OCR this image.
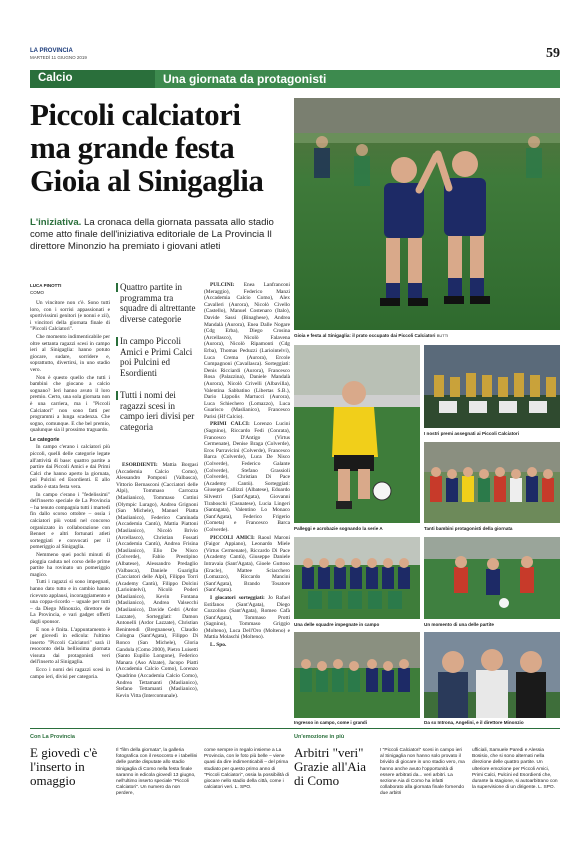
LA PROVINCIA
MARTEDÌ 11 GIUGNO 2019	59
Calcio	Una giornata da protagonisti
Piccoli calciatori
ma grande festa
Gioia al Sinigaglia
L'iniziativa. La cronaca della giornata passata allo stadio come atto finale dell'iniziativa editoriale de La Provincia Il direttore Minonzio ha premiato i giovani atleti
LUCA PINOTTI
COMO

Un vincitore non c'è. Sono tutti loro, con i sorrisi appassionati e sportivissimi genitori (e nonni e zii), i vincitori della giornata finale di "Piccoli Calciatori".

Che momento indimenticabile per oltre settanta ragazzi scesi in campo ieri al Sinigaglia: hanno potuto giocare, sudare, sorridere e, soprattutto, divertirsi, in uno stadio vero.

Non è questo quello che tutti i bambini che giocano a calcio sognano? Ieri hanno avuto il loro premio. Certo, una sola giornata non è una carriera, ma i "Piccoli Calciatori" non sono fatti per programmi a lunga scadenza. Che sogno, comunque. E che bel premio, qualunque sia il prossimo traguardo.

Le categorie

In campo c'erano i calciatori più piccoli, quelli delle categorie legate all'attività di base: quattro partite a partire dai Piccoli Amici e dai Primi Calci che hanno aperto la giornata, poi Pulcini ed Esordienti. E allo stadio è stata festa vera.

In campo c'erano i "fedelissimi" dell'inserto speciale de La Provincia – ha tenuto compagnia tutti i martedì fin dallo scorso ottobre – ossia i calciatori più votati nel concorso organizzato in collaborazione con Bennet e altri fortunati atleti sorteggiati e convocati per il pomeriggio al Sinigaglia.

Nemmeno quei pochi minuti di pioggia caduta nel corso delle prime partite ha rovinato un pomeriggio magico.

Tutti i ragazzi si sono impegnati, hanno dato tutto e in cambio hanno ricevuto applausi, incoraggiamento e una coppa-ricordo – uguale per tutti – da Diego Minonzio, direttore de La Provincia, e vari gadget offerti dagli sponsor.

E non è finita. L'appuntamento è per giovedì in edicola: l'ultimo inserto "Piccoli Calciatori" sarà il resoconto della bellissima giornata vissuta dai protagonisti veri dell'inserto al Sinigaglia.

Ecco i nomi dei ragazzi scesi in campo ieri, divisi per categoria.

Quattro partite in programma tra squadre di altrettante diverse categorie
In campo Piccoli Amici e Primi Calci poi Pulcini ed Esordienti
Tutti i nomi dei ragazzi scesi in campo ieri divisi per categoria

ESORDIENTI: Mattia Borgasi (Accademia Calcio Como), Alessandro Pomponi (Valbasca), Vittorio Bernasconi (Cacciatori delle Alpi), Tommaso Carrozza (Maslianico), Tommaso Cottini (Olympic Lurago), Andrea Grignoni (San Michele), Manuel Piatta (Maslianico), Federico Caminada (Accademia Cantù), Mattia Piattoni (Maslianico), Nicolò Brivio (Arcellasco), Christian Fossati (Accademia Cantù), Andrea Frisina (Maslianico), Elio De Nisco (Colverde), Fabio Prestipino (Albatese), Alessandro Predaglio (Valbasca), Daniele Guariglia (Cacciatori delle Alpi), Filippo Torri (Academy Cantù), Filippo Dolcini (Lariointelvi), Nicolò Poderi (Maslianico), Kevin Fontana (Maslianico), Andrea Valsecchi (Maslianico), Davide Cedri (Ardor Lazzate), Sortegglati: Damon Antonelli (Ardor Lazzate), Christian Benintendi (Bregnanese), Claudio Cologna (Sant'Agata), Filippo Di Ronco (San Michele), Gloria Gandola (Como 2000), Pietro Luisetti (Santo Eupilio Longone), Federico Manara (Aso Alzate), Jacopo Piatti (Accademia Calcio Como), Lorenzo Quadrino (Accademia Calcio Como), Andrea Tettamanti (Maslianico), Stefano Tettamanti (Maslianico), Kevin Vitta (Intercomunale).

PULCINI: Enea Lanfranconi (Meraggio), Federico Manzi (Accademia Calcio Como), Alex Cavalleri (Aurora), Nicolò Civello (Castello), Manuel Costenaro (Italo), Davide Sassi (Binaghese), Andrea Mandalà (Aurora), Enea Dalle Nogare (Cdg Erba), Diego Crosina (Arcellasco), Nicolò Falavena (Aurora), Nicolò Ripamonti (Cdg Erba), Thomas Peduzzi (Lariointelvi), Luca Crema (Aurora), Ercole Compagnoni (Cavallasca). Sorteggiati: Denis Ricciardi (Aurora), Francesco Rosa (Palazzina), Daniele Mandalà (Aurora), Nicolò Crivelli (Albavilla), Valentina Sabbatino (Libertas S.B.), Dario Lippolis Martucci (Aurora), Luca Schiechero (Lomazzo), Luca Guarisco (Maslianico), Francesco Parisi (Hf Calcio).

PRIMI CALCI: Lorenzo Lucini (Sagnino), Riccardo Fedi (Conrata), Francesco D'Antigo (Virtus Cermenate), Denise Braga (Colverde), Eros Parravicini (Colverde), Francesco Barca (Colverde), Luca De Nisco (Colverde), Federico Galante (Colverde), Stefano Grassioli (Colverde), Christian Di Pace (Academy Cantù). Sorteggiati: Giuseppe Callizzi (Albatese), Edoardo Silvestri (Sant'Agata), Giovanni Tiraboschi (Casnatese), Lucia Lingeri (Santagata), Valentino Lo Monaco (Sant'Agata), Federico Frigerio (Cometa) e Francesco Barca (Colverde).

PICCOLI AMICI: Raoul Maroni (Faigor Appiano), Leonardo Miele (Virtus Cermenate), Riccardo Di Pace (Academy Cantù), Giuseppe Daniele Intravaia (Sant'Agata), Gioele Guttoso (Eracle), Mattee Sciacchero (Lomazzo), Riccardo Mancini (Sant'Agata), Brando Tosatore (Sant'Agata).

I giocatori sorteggiati: Jo Rafael Estifanos (Sant'Agata), Diego Cozzolino (Sant'Agata), Romeo Cafà (Sant'Agata), Tommaso Protti (Sagnino), Tommaso Griggio (Molteno), Luca Dell'Oro (Molteno) e Mattia Molaschi (Molteno).

L. Spo.

Gioia e festa al Sinigaglia: il prato occupato dai Piccoli Calciatori BUTTI
Palleggi e acrobazie sognando la serie A
I nostri premi assegnati ai Piccoli Calciatori
Tanti bambini protagonisti della giornata
Una delle squadre impegnate in campo	Un momento di una delle partite
Ingresso in campo, come i grandi	Da sx Introna, Angelini, e il direttore Minonzio
Con La Provincia
E giovedì c'è l'inserto in omaggio
Il "film della giornata", la galleria fotografica con il resoconto e i tabellini delle partite disputate allo stadio Sinigaglia di Como nella festa finale saranno in edicola giovedì 13 giugno, nell'ultimo inserto speciale "Piccoli Calciatori". Un numero da non perdere,
come sempre in regalo insieme a La Provincia, con le foto più belle – viene quasi da dire indimenticabili – del prima studiato per questo primo anno di "Piccoli Calciatori", ossia la possibilità di giocare nello stadio della città, come i calciatori veri. L. SPO.
Un'emozione in più
Arbitri "veri" Grazie all'Aia di Como
I "Piccoli Calciatori" scesi in campo ieri al Sinigaglia non hanno solo provato il brivido di giocare in uno stadio vero, ma hanno anche avuto l'opportunità di essere arbitrati da... veri arbitri. La sezione Aia di Como ha infatti collaborato alla giornata finale fornendo due arbitri
ufficiali, Samuele Paredi e Alessia Bosisio, che si sono alternati nella direzione delle quattro partite. Un ulteriore emozione per Piccoli Amici, Primi Calci, Pulcini ed Esordienti che, durante la stagione, si autoarbitrano con la supervisione di un dirigente. L. SPO.
